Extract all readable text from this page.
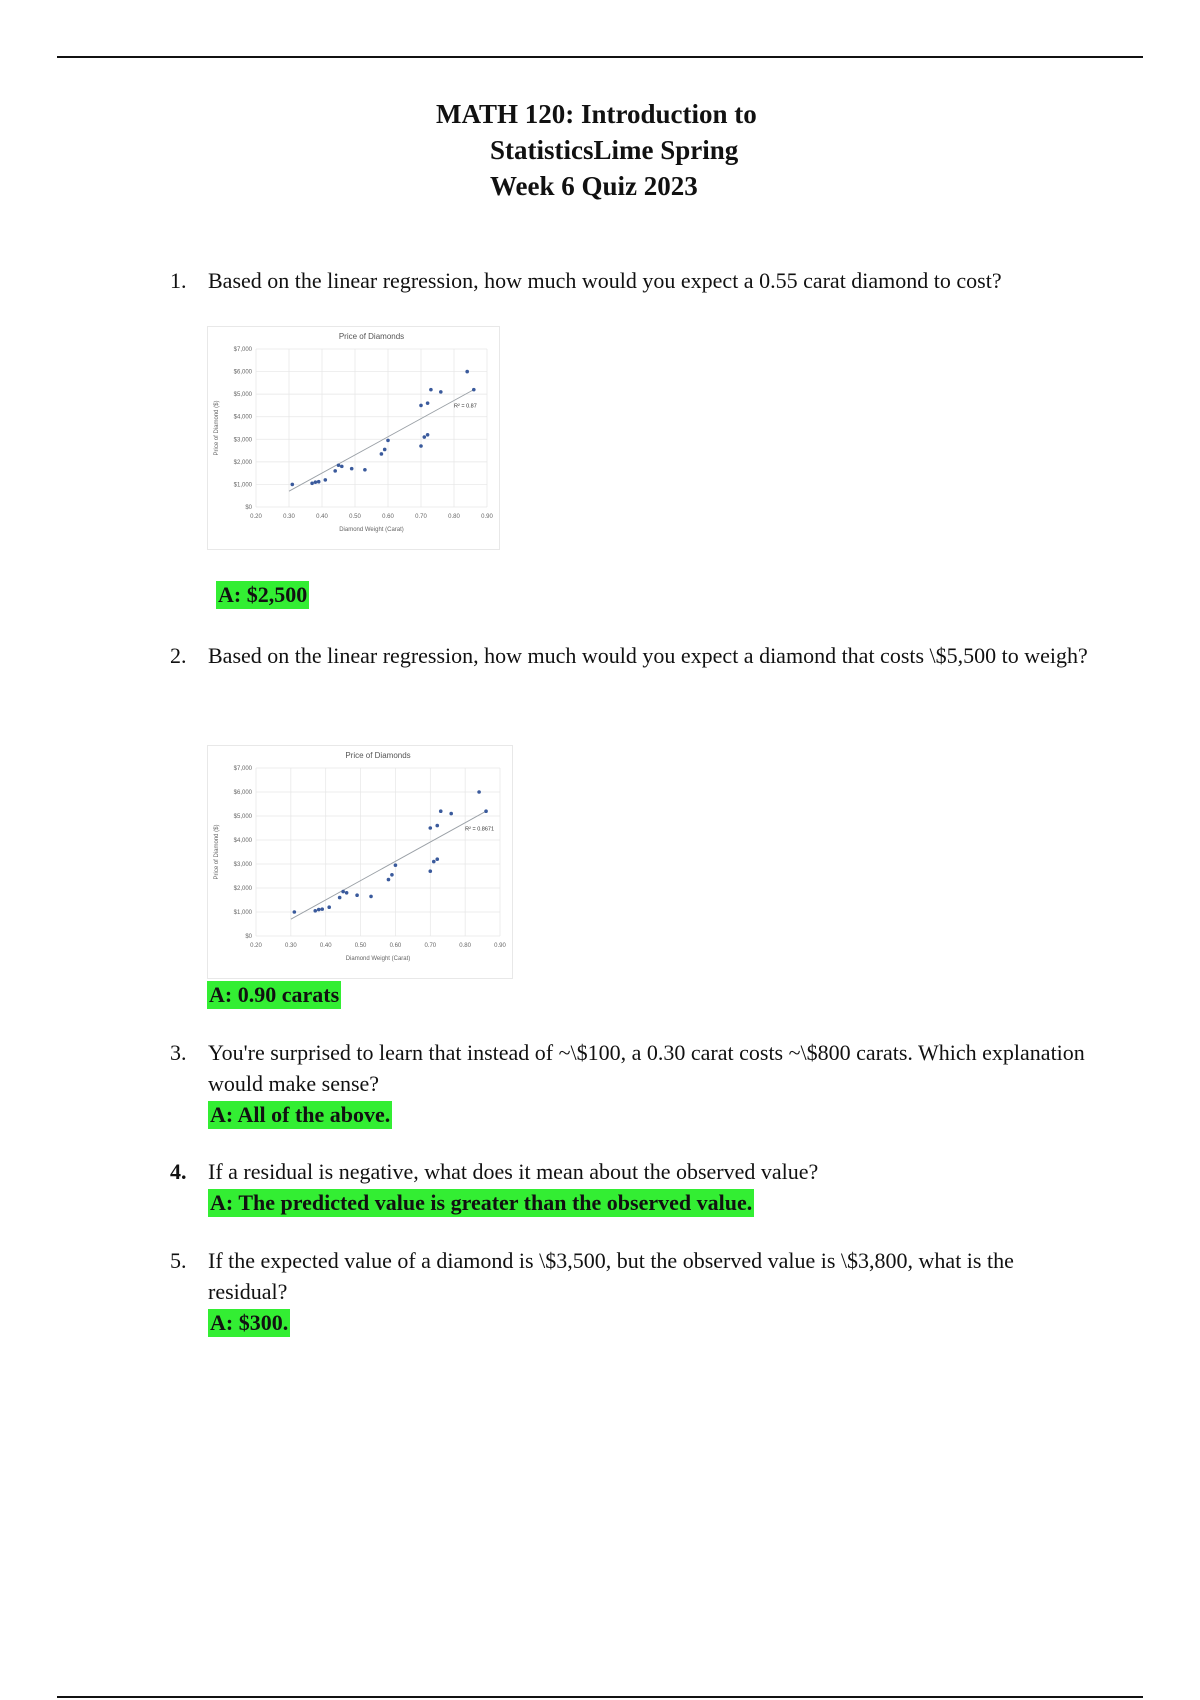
MATH 120: Introduction to
StatisticsLime Spring
Week 6 Quiz 2023
1. Based on the linear regression, how much would you expect a 0.55 carat diamond to cost?
Price of Diamonds
0.20	0.30	0.40	0.50	0.60	0.70	0.80	0.90
$0
$1,000
$2,000
$3,000
$4,000
$5,000
$6,000
$7,000
Diamond Weight (Carat)
Price of Diamond ($)	R² = 0.87
A: $2,500
2. Based on the linear regression, how much would you expect a diamond that costs \$5,500 to weigh?
Price of Diamonds
0.20	0.30	0.40	0.50	0.60	0.70	0.80	0.90
$0
$1,000
$2,000
$3,000
$4,000
$5,000
$6,000
$7,000
Diamond Weight (Carat)
Price of Diamond ($)	R² = 0.8671
A: 0.90 carats
3. You're surprised to learn that instead of ~\$100, a 0.30 carat costs ~\$800 carats. Which explanation would make sense?
A: All of the above.
4. If a residual is negative, what does it mean about the observed value?
A: The predicted value is greater than the observed value.
5. If the expected value of a diamond is \$3,500, but the observed value is \$3,800, what is the residual?
A: $300.
